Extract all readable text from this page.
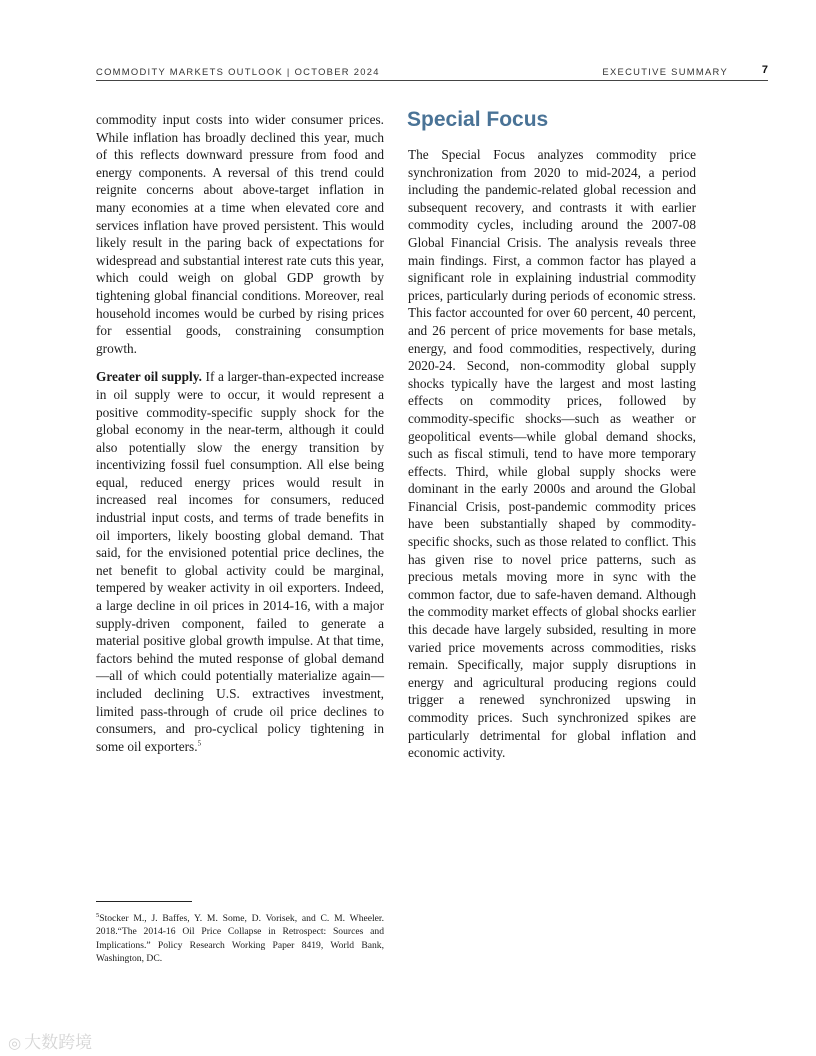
COMMODITY MARKETS OUTLOOK | OCTOBER 2024	EXECUTIVE SUMMARY	7

commodity input costs into wider consumer prices. While inflation has broadly declined this year, much of this reflects downward pressure from food and energy components. A reversal of this trend could reignite concerns about above-target inflation in many economies at a time when elevated core and services inflation have proved persistent. This would likely result in the paring back of expectations for widespread and substantial interest rate cuts this year, which could weigh on global GDP growth by tightening global financial conditions. Moreover, real household incomes would be curbed by rising prices for essential goods, constraining consumption growth.

Greater oil supply. If a larger-than-expected increase in oil supply were to occur, it would represent a positive commodity-specific supply shock for the global economy in the near-term, although it could also potentially slow the energy transition by incentivizing fossil fuel consumption. All else being equal, reduced energy prices would result in increased real incomes for consumers, reduced industrial input costs, and terms of trade benefits in oil importers, likely boosting global demand. That said, for the envisioned potential price declines, the net benefit to global activity could be marginal, tempered by weaker activity in oil exporters. Indeed, a large decline in oil prices in 2014-16, with a major supply-driven component, failed to generate a material positive global growth impulse. At that time, factors behind the muted response of global demand—all of which could potentially materialize again—included declining U.S. extractives investment, limited pass-through of crude oil price declines to consumers, and pro-cyclical policy tightening in some oil exporters.$^5$

Special Focus

The Special Focus analyzes commodity price synchronization from 2020 to mid-2024, a period including the pandemic-related global recession and subsequent recovery, and contrasts it with earlier commodity cycles, including around the 2007-08 Global Financial Crisis. The analysis reveals three main findings. First, a common factor has played a significant role in explaining industrial commodity prices, particularly during periods of economic stress. This factor accounted for over 60 percent, 40 percent, and 26 percent of price movements for base metals, energy, and food commodities, respectively, during 2020-24. Second, non-commodity global supply shocks typically have the largest and most lasting effects on commodity prices, followed by commodity-specific shocks—such as weather or geopolitical events—while global demand shocks, such as fiscal stimuli, tend to have more temporary effects. Third, while global supply shocks were dominant in the early 2000s and around the Global Financial Crisis, post-pandemic commodity prices have been substantially shaped by commodity-specific shocks, such as those related to conflict. This has given rise to novel price patterns, such as precious metals moving more in sync with the common factor, due to safe-haven demand. Although the commodity market effects of global shocks earlier this decade have largely subsided, resulting in more varied price movements across commodities, risks remain. Specifically, major supply disruptions in energy and agricultural producing regions could trigger a renewed synchronized upswing in commodity prices. Such synchronized spikes are particularly detrimental for global inflation and economic activity.

$^5$Stocker M., J. Baffes, Y. M. Some, D. Vorisek, and C. M. Wheeler. 2018.“The 2014-16 Oil Price Collapse in Retrospect: Sources and Implications.” Policy Research Working Paper 8419, World Bank, Washington, DC.
◎ 大数跨境
